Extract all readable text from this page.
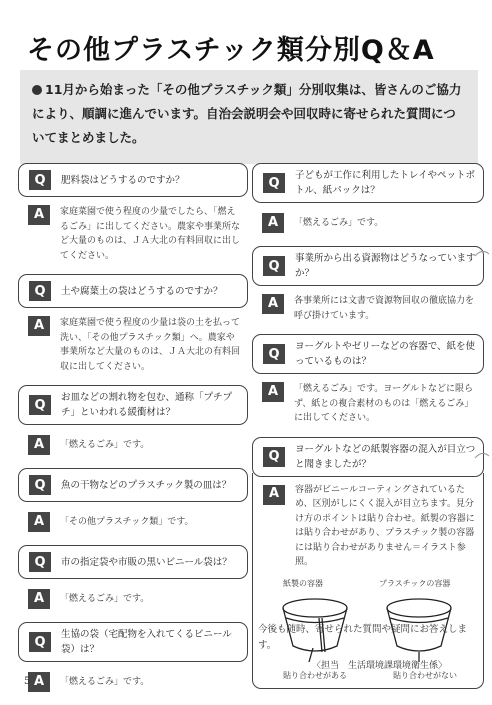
その他プラスチック類分別Q＆A
11月から始まった「その他プラスチック類」分別収集は、皆さんのご協力により、順調に進んでいます。自治会説明会や回収時に寄せられた質問についてまとめました。
Q	肥料袋はどうするのですか？
A	家庭菜園で使う程度の少量でしたら、「燃えるごみ」に出してください。農家や事業所など大量のものは、ＪＡ大北の有料回収に出してください。
Q	土や腐葉土の袋はどうするのですか？
A	家庭菜園で使う程度の少量は袋の土を払って洗い、「その他プラスチック類」へ。農家や事業所など大量のものは、ＪＡ大北の有料回収に出してください。
Q	お皿などの割れ物を包む、通称「プチプチ」といわれる緩衝材は？
A	「燃えるごみ」です。
Q	魚の干物などのプラスチック製の皿は？
A	「その他プラスチック類」です。
Q	市の指定袋や市販の黒いビニール袋は？
A	「燃えるごみ」です。
Q	生協の袋（宅配物を入れてくるビニール袋）は？
A	「燃えるごみ」です。
Q	子どもが工作に利用したトレイやペットボトル、紙パックは？
A	「燃えるごみ」です。
Q	事業所から出る資源物はどうなっていますか？
A	各事業所には文書で資源物回収の徹底協力を呼び掛けています。
Q	ヨーグルトやゼリーなどの容器で、紙を使っているものは？
A	「燃えるごみ」です。ヨーグルトなどに限らず、紙との複合素材のものは「燃えるごみ」に出してください。
Q	ヨーグルトなどの紙製容器の混入が目立つと聞きましたが？
A	容器がビニールコーティングされているため、区別がしにくく混入が目立ちます。見分け方のポイントは貼り合わせ。紙製の容器には貼り合わせがあり、プラスチック製の容器には貼り合わせがありません＝イラスト参照。
紙製の容器	プラスチックの容器
貼り合わせがある	貼り合わせがない
今後も随時、寄せられた質問や疑問にお答えします。
〈担当　生活環境課環境衛生係〉
5
